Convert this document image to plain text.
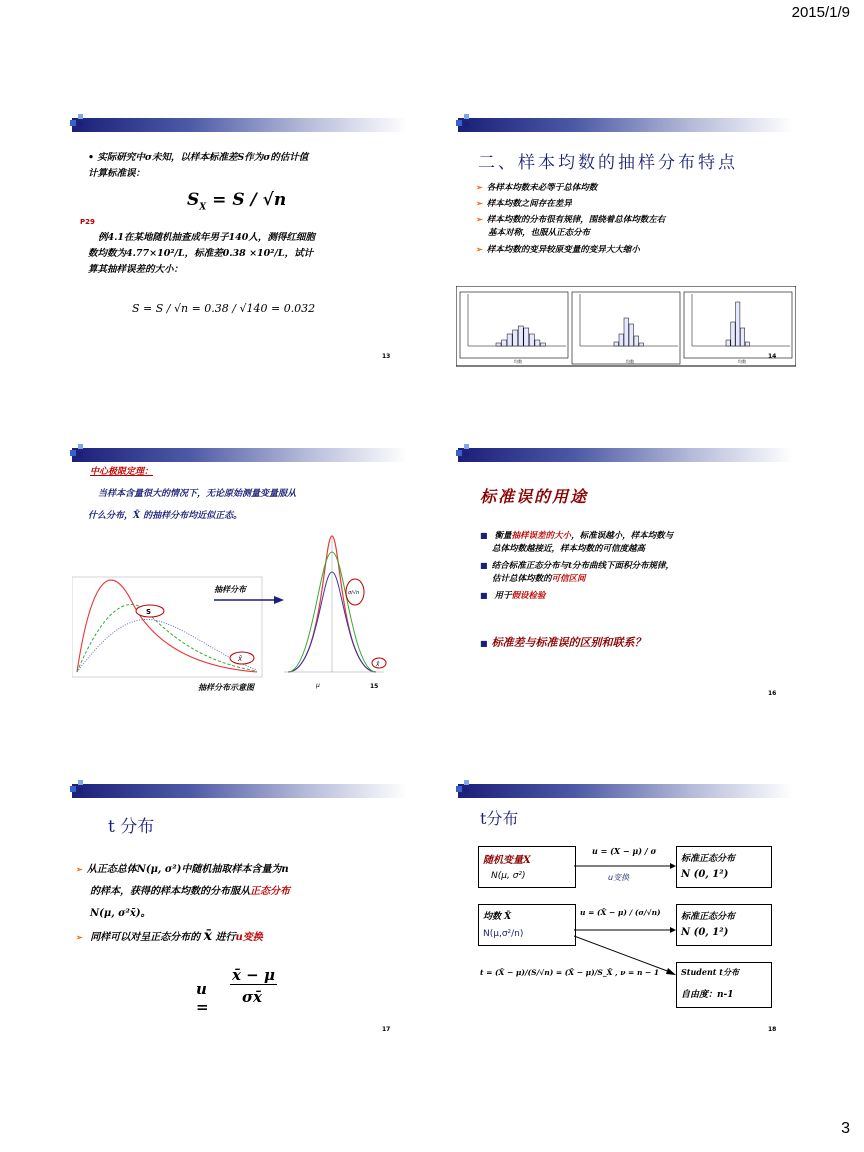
2015/1/9
• 实际研究中σ未知，以样本标准差S作为σ的估计值
计算标准误：
$S_X = S / √n$
P29
例4.1在某地随机抽查成年男子140人，测得红细胞
数均数为4.77×10²/L，标准差0.38 ×10²/L，试计
算其抽样误差的大小：
S = S / √n = 0.38 / √140 = 0.032
13
二、样本均数的抽样分布特点
➢ 各样本均数未必等于总体均数
➢ 样本均数之间存在差异
➢ 样本均数的分布很有规律，围绕着总体均数左右
基本对称，也服从正态分布
➢ 样本均数的变异较原变量的变异大大缩小
均数	均数	均数
14
中心极限定理：
当样本含量很大的情况下，无论原始测量变量服从
什么分布，X̄ 的抽样分布均近似正态。
S
X̄
抽样分布	σ/√n
X̄
抽样分布示意图	μ	15
标准误的用途
■ 衡量抽样误差的大小，标准误越小，样本均数与
总体均数越接近，样本均数的可信度越高
■ 结合标准正态分布与t分布曲线下面积分布规律，
估计总体均数的可信区间
■ 用于假设检验
■ 标准差与标准误的区别和联系？
16
t 分布
➢ 从正态总体N(μ, σ²)中随机抽取样本含量为n
的样本，获得的样本均数的分布服从正态分布
N(μ, σ²x̄)。
➢ 同样可以对呈正态分布的 x̄ 进行u变换
u =
x̄ − μ
σx̄
17
t分布
随机变量X
N(μ, σ²)
u = (X − μ) / σ
u变换
标准正态分布
N (0, 1²)
均数 X̄
N(μ,σ²/n)
u = (X̄ − μ) / (σ/√n) 标准正态分布
N (0, 1²)
t = (X̄ − μ)/(S/√n) = (X̄ − μ)/S_X̄ , ν = n − 1	Student t分布
自由度：n-1
18
3
